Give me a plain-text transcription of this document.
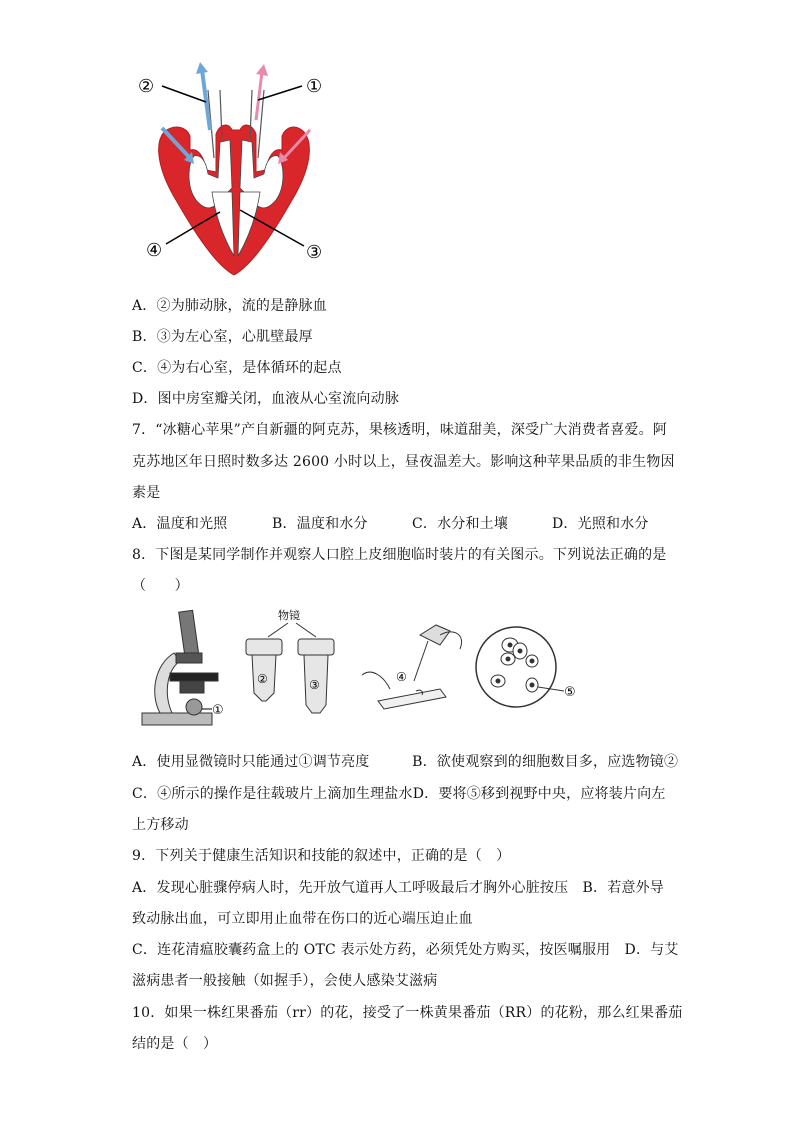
②	①
④	③
A．②为肺动脉，流的是静脉血
B．③为左心室，心肌壁最厚
C．④为右心室，是体循环的起点
D．图中房室瓣关闭，血液从心室流向动脉
7．“冰糖心苹果”产自新疆的阿克苏，果核透明，味道甜美，深受广大消费者喜爱。阿
克苏地区年日照时数多达 2600 小时以上，昼夜温差大。影响这种苹果品质的非生物因
素是
A．温度和光照	B．温度和水分	C．水分和土壤	D．光照和水分
8．下图是某同学制作并观察人口腔上皮细胞临时装片的有关图示。下列说法正确的是
（　　）
①
物镜
②	③
④
⑤
A．使用显微镜时只能通过①调节亮度　　　B．欲使观察到的细胞数目多，应选物镜②
C．④所示的操作是往载玻片上滴加生理盐水D．要将⑤移到视野中央，应将装片向左
上方移动
9．下列关于健康生活知识和技能的叙述中，正确的是（　）
A．发现心脏骤停病人时，先开放气道再人工呼吸最后才胸外心脏按压　B．若意外导
致动脉出血，可立即用止血带在伤口的近心端压迫止血
C．连花清瘟胶囊药盒上的 OTC 表示处方药，必须凭处方购买，按医嘱服用　D．与艾
滋病患者一般接触（如握手），会使人感染艾滋病
10．如果一株红果番茄（rr）的花，接受了一株黄果番茄（RR）的花粉，那么红果番茄
结的是（　）
